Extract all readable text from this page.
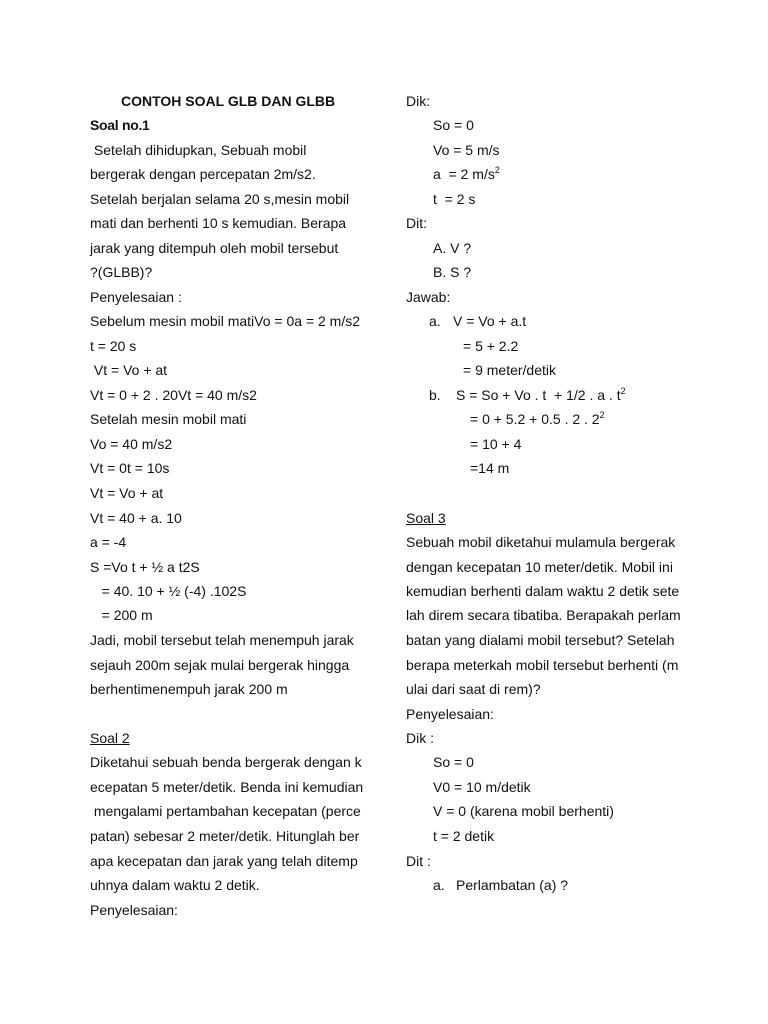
CONTOH SOAL GLB DAN GLBB
Soal no.1
Setelah dihidupkan, Sebuah mobil
bergerak dengan percepatan 2m/s2.
Setelah berjalan selama 20 s,mesin mobil
mati dan berhenti 10 s kemudian. Berapa
jarak yang ditempuh oleh mobil tersebut
?(GLBB)?
Penyelesaian :
Sebelum mesin mobil matiVo = 0a = 2 m/s2
t = 20 s
Vt = Vo + at
Vt = 0 + 2 . 20Vt = 40 m/s2
Setelah mesin mobil mati
Vo = 40 m/s2
Vt = 0t = 10s
Vt = Vo + at
Vt = 40 + a. 10
a = -4
S =Vo t + ½ a t2S
= 40. 10 + ½ (-4) .102S
= 200 m
Jadi, mobil tersebut telah menempuh jarak
sejauh 200m sejak mulai bergerak hingga
berhentimenempuh jarak 200 m
Soal 2
Diketahui sebuah benda bergerak dengan k
ecepatan 5 meter/detik. Benda ini kemudian
mengalami pertambahan kecepatan (perce
patan) sebesar 2 meter/detik. Hitunglah ber
apa kecepatan dan jarak yang telah ditemp
uhnya dalam waktu 2 detik.
Penyelesaian:
Dik:
So = 0
Vo = 5 m/s
a  = 2 $m/s^2$
t  = 2 s
Dit:
A. V ?
B. S ?
Jawab:
a. V = Vo + a.t
= 5 + 2.2
= 9 meter/detik
b. S = So + Vo . t  + 1/2 . a . $t^2$
= 0 + 5.2 + 0.5 . 2 . $2^2$
= 10 + 4
=14 m
Soal 3
Sebuah mobil diketahui mulamula bergerak
dengan kecepatan 10 meter/detik. Mobil ini
kemudian berhenti dalam waktu 2 detik sete
lah direm secara tibatiba. Berapakah perlam
batan yang dialami mobil tersebut? Setelah
berapa meterkah mobil tersebut berhenti (m
ulai dari saat di rem)?
Penyelesaian:
Dik :
So = 0
V0 = 10 m/detik
V = 0 (karena mobil berhenti)
t = 2 detik
Dit :
a. Perlambatan (a) ?
